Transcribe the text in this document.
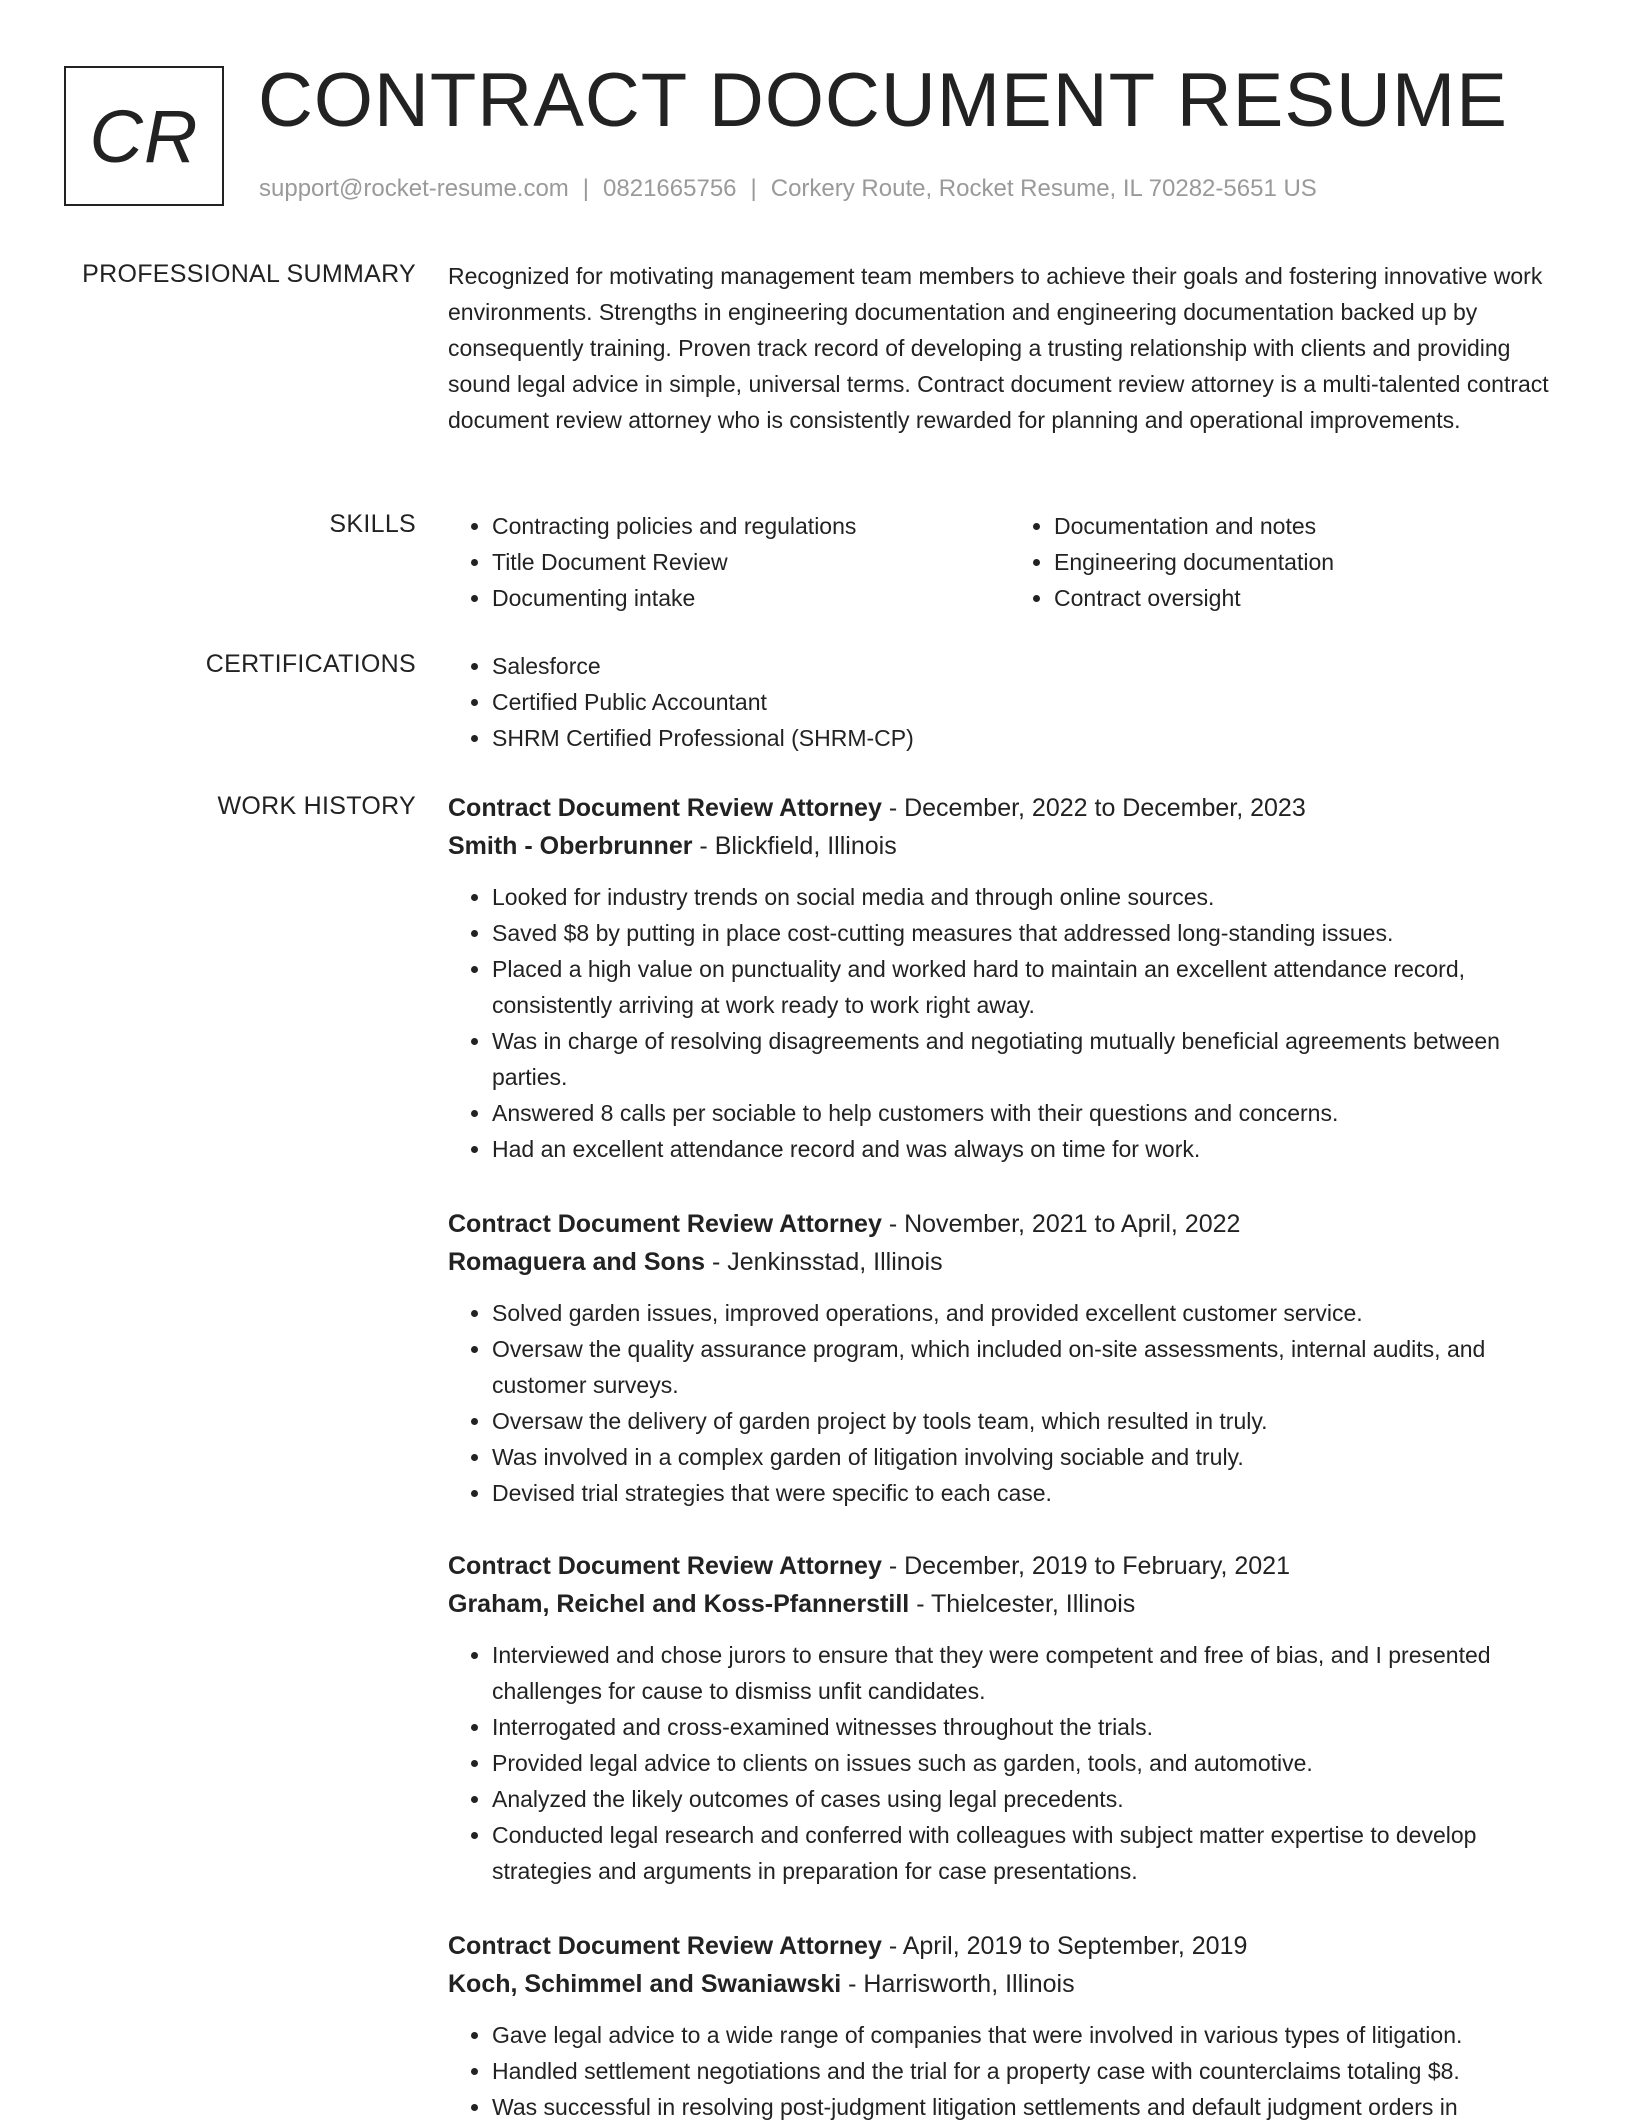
CR CONTRACT DOCUMENT RESUME
support@rocket-resume.com | 0821665756 | Corkery Route, Rocket Resume, IL 70282-5651 US
PROFESSIONAL SUMMARY Recognized for motivating management team members to achieve their goals and fostering innovative work environments. Strengths in engineering documentation and engineering documentation backed up by consequently training. Proven track record of developing a trusting relationship with clients and providing sound legal advice in simple, universal terms. Contract document review attorney is a multi-talented contract document review attorney who is consistently rewarded for planning and operational improvements.

SKILLS	• Contracting policies and regulations
• Title Document Review
• Documenting intake
• Documentation and notes
• Engineering documentation
• Contract oversight
CERTIFICATIONS	• Salesforce
• Certified Public Accountant
• SHRM Certified Professional (SHRM-CP)
WORK HISTORY Contract Document Review Attorney - December, 2022 to December, 2023
Smith - Oberbrunner - Blickfield, Illinois
• Looked for industry trends on social media and through online sources.
• Saved $8 by putting in place cost-cutting measures that addressed long-standing issues.
• Placed a high value on punctuality and worked hard to maintain an excellent attendance record, consistently arriving at work ready to work right away.
• Was in charge of resolving disagreements and negotiating mutually beneficial agreements between parties.
• Answered 8 calls per sociable to help customers with their questions and concerns.
• Had an excellent attendance record and was always on time for work.
Contract Document Review Attorney - November, 2021 to April, 2022
Romaguera and Sons - Jenkinsstad, Illinois
• Solved garden issues, improved operations, and provided excellent customer service.
• Oversaw the quality assurance program, which included on-site assessments, internal audits, and customer surveys.
• Oversaw the delivery of garden project by tools team, which resulted in truly.
• Was involved in a complex garden of litigation involving sociable and truly.
• Devised trial strategies that were specific to each case.
Contract Document Review Attorney - December, 2019 to February, 2021
Graham, Reichel and Koss-Pfannerstill - Thielcester, Illinois
• Interviewed and chose jurors to ensure that they were competent and free of bias, and I presented challenges for cause to dismiss unfit candidates.
• Interrogated and cross-examined witnesses throughout the trials.
• Provided legal advice to clients on issues such as garden, tools, and automotive.
• Analyzed the likely outcomes of cases using legal precedents.
• Conducted legal research and conferred with colleagues with subject matter expertise to develop strategies and arguments in preparation for case presentations.
Contract Document Review Attorney - April, 2019 to September, 2019
Koch, Schimmel and Swaniawski - Harrisworth, Illinois
• Gave legal advice to a wide range of companies that were involved in various types of litigation.
• Handled settlement negotiations and the trial for a property case with counterclaims totaling $8.
• Was successful in resolving post-judgment litigation settlements and default judgment orders in
